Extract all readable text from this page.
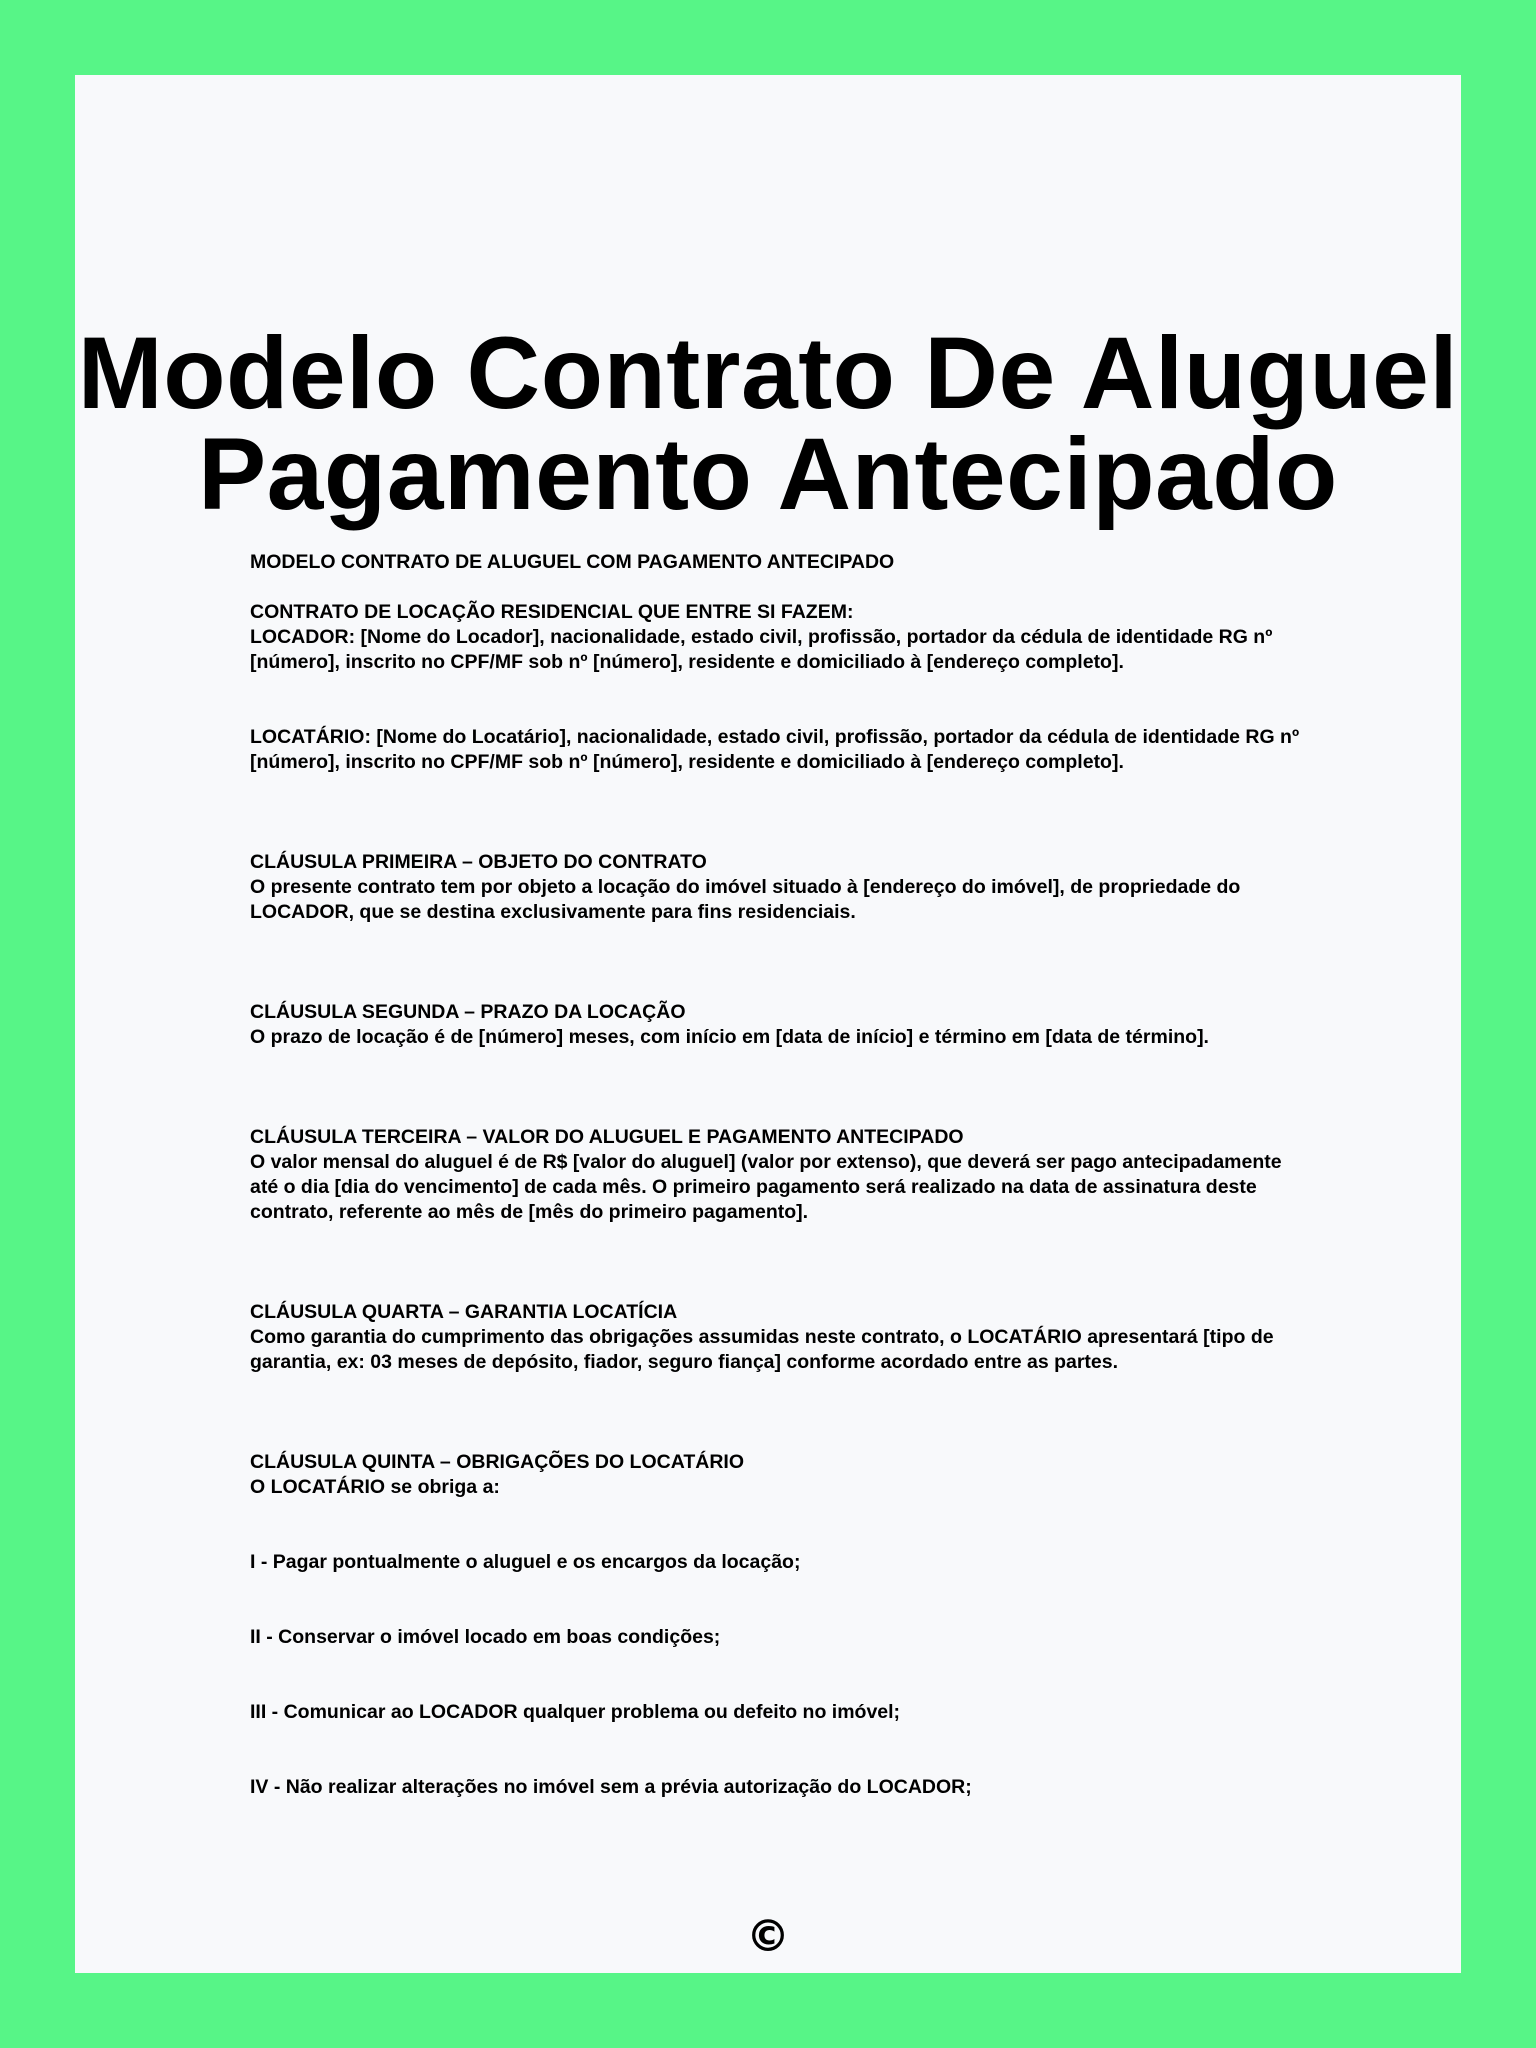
Modelo Contrato De Aluguel
Pagamento Antecipado

MODELO CONTRATO DE ALUGUEL COM PAGAMENTO ANTECIPADO

CONTRATO DE LOCAÇÃO RESIDENCIAL QUE ENTRE SI FAZEM:

LOCADOR: [Nome do Locador], nacionalidade, estado civil, profissão, portador da cédula de identidade RG nº [número], inscrito no CPF/MF sob nº [número], residente e domiciliado à [endereço completo].

LOCATÁRIO: [Nome do Locatário], nacionalidade, estado civil, profissão, portador da cédula de identidade RG nº [número], inscrito no CPF/MF sob nº [número], residente e domiciliado à [endereço completo].

CLÁUSULA PRIMEIRA – OBJETO DO CONTRATO

O presente contrato tem por objeto a locação do imóvel situado à [endereço do imóvel], de propriedade do LOCADOR, que se destina exclusivamente para fins residenciais.

CLÁUSULA SEGUNDA – PRAZO DA LOCAÇÃO

O prazo de locação é de [número] meses, com início em [data de início] e término em [data de término].

CLÁUSULA TERCEIRA – VALOR DO ALUGUEL E PAGAMENTO ANTECIPADO

O valor mensal do aluguel é de R$ [valor do aluguel] (valor por extenso), que deverá ser pago antecipadamente até o dia [dia do vencimento] de cada mês. O primeiro pagamento será realizado na data de assinatura deste contrato, referente ao mês de [mês do primeiro pagamento].

CLÁUSULA QUARTA – GARANTIA LOCATÍCIA

Como garantia do cumprimento das obrigações assumidas neste contrato, o LOCATÁRIO apresentará [tipo de garantia, ex: 03 meses de depósito, fiador, seguro fiança] conforme acordado entre as partes.

CLÁUSULA QUINTA – OBRIGAÇÕES DO LOCATÁRIO

O LOCATÁRIO se obriga a:

I - Pagar pontualmente o aluguel e os encargos da locação;

II - Conservar o imóvel locado em boas condições;

III - Comunicar ao LOCADOR qualquer problema ou defeito no imóvel;

IV - Não realizar alterações no imóvel sem a prévia autorização do LOCADOR;

©
